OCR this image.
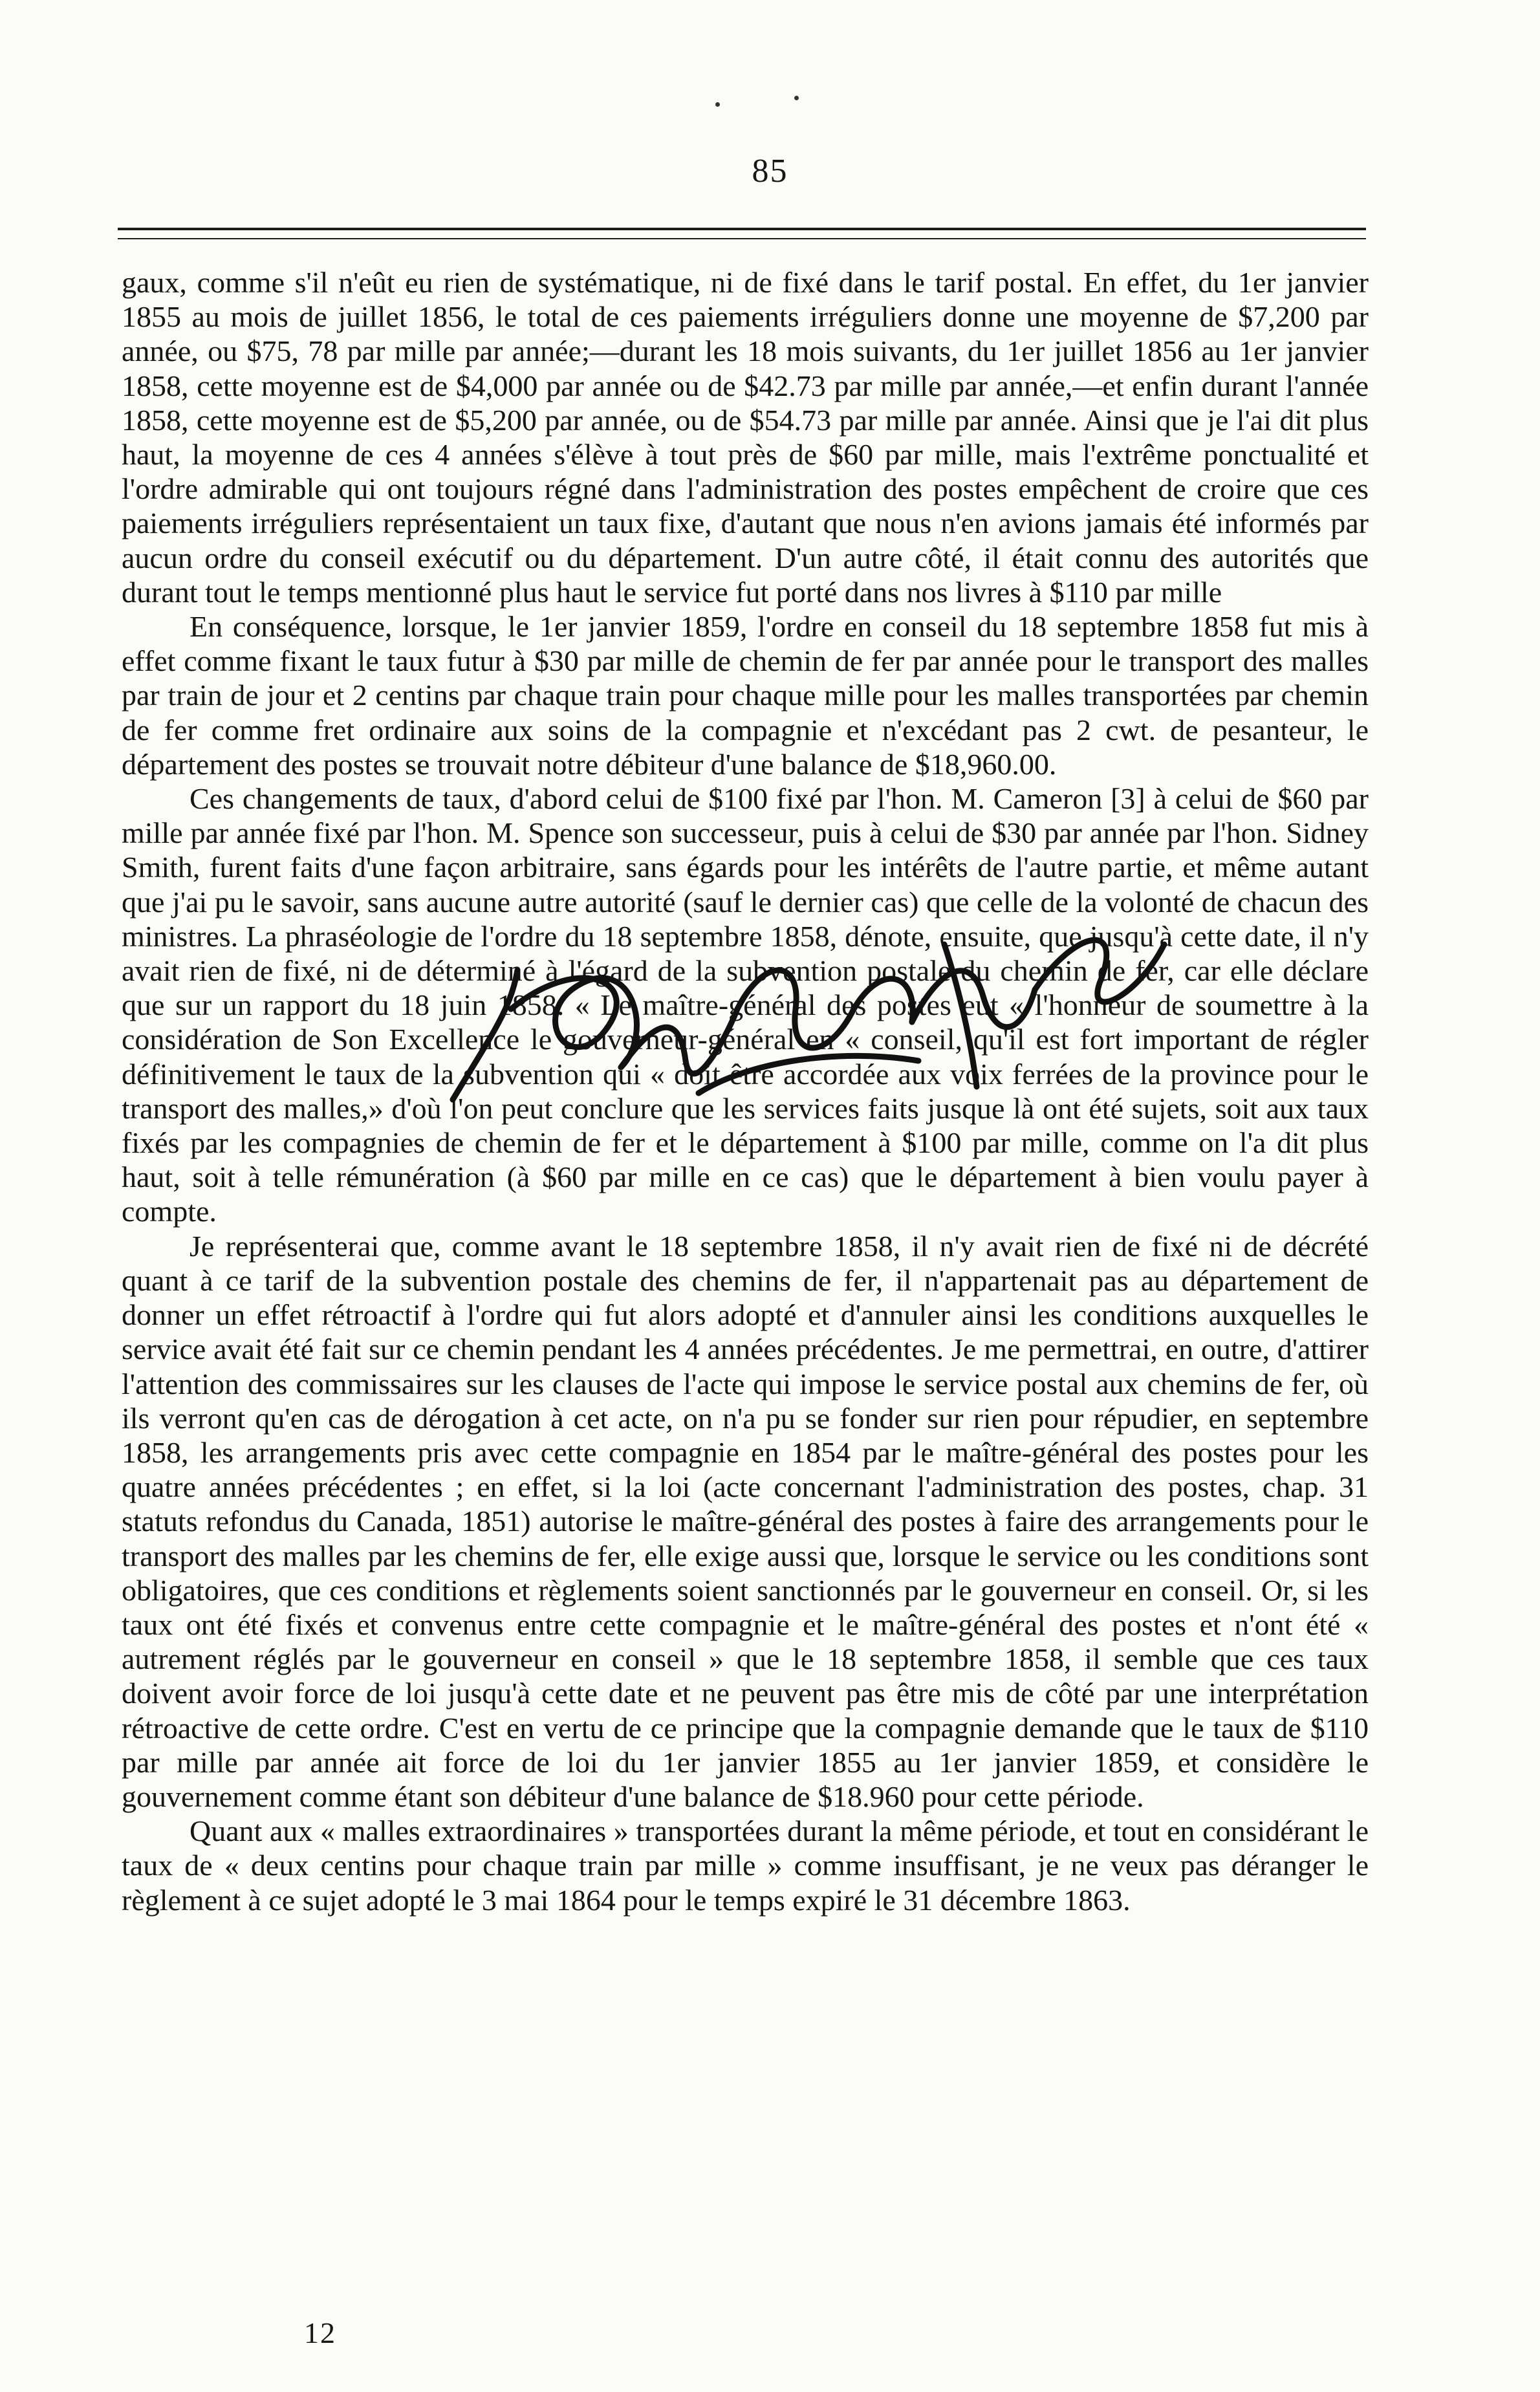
85

gaux, comme s'il n'eût eu rien de systématique, ni de fixé dans le tarif postal. En effet, du 1er janvier 1855 au mois de juillet 1856, le total de ces paiements irréguliers donne une moyenne de $7,200 par année, ou $75, 78 par mille par année;—durant les 18 mois suivants, du 1er juillet 1856 au 1er janvier 1858, cette moyenne est de $4,000 par année ou de $42.73 par mille par année,—et enfin durant l'année 1858, cette moyenne est de $5,200 par année, ou de $54.73 par mille par année. Ainsi que je l'ai dit plus haut, la moyenne de ces 4 années s'élève à tout près de $60 par mille, mais l'extrême ponctualité et l'ordre admirable qui ont toujours régné dans l'administration des postes empêchent de croire que ces paiements irréguliers représentaient un taux fixe, d'autant que nous n'en avions jamais été informés par aucun ordre du conseil exécutif ou du département. D'un autre côté, il était connu des autorités que durant tout le temps mentionné plus haut le service fut porté dans nos livres à $110 par mille

En conséquence, lorsque, le 1er janvier 1859, l'ordre en conseil du 18 septembre 1858 fut mis à effet comme fixant le taux futur à $30 par mille de chemin de fer par année pour le transport des malles par train de jour et 2 centins par chaque train pour chaque mille pour les malles transportées par chemin de fer comme fret ordinaire aux soins de la compagnie et n'excédant pas 2 cwt. de pesanteur, le département des postes se trouvait notre débiteur d'une balance de $18,960.00.

Ces changements de taux, d'abord celui de $100 fixé par l'hon. M. Cameron [3] à celui de $60 par mille par année fixé par l'hon. M. Spence son successeur, puis à celui de $30 par année par l'hon. Sidney Smith, furent faits d'une façon arbitraire, sans égards pour les intérêts de l'autre partie, et même autant que j'ai pu le savoir, sans aucune autre autorité (sauf le dernier cas) que celle de la volonté de chacun des ministres. La phraséologie de l'ordre du 18 septembre 1858, dénote, ensuite, que jusqu'à cette date, il n'y avait rien de fixé, ni de déterminé à l'égard de la subvention postale du chemin de fer, car elle déclare que sur un rapport du 18 juin 1858. « Le maître-général des postes eut « l'honneur de soumettre à la considération de Son Excellence le gouverneur-général en « conseil, qu'il est fort important de régler définitivement le taux de la subvention qui « doit être accordée aux voix ferrées de la province pour le transport des malles,» d'où l'on peut conclure que les services faits jusque là ont été sujets, soit aux taux fixés par les compagnies de chemin de fer et le département à $100 par mille, comme on l'a dit plus haut, soit à telle rémunération (à $60 par mille en ce cas) que le département à bien voulu payer à compte.

Je représenterai que, comme avant le 18 septembre 1858, il n'y avait rien de fixé ni de décrété quant à ce tarif de la subvention postale des chemins de fer, il n'appartenait pas au département de donner un effet rétroactif à l'ordre qui fut alors adopté et d'annuler ainsi les conditions auxquelles le service avait été fait sur ce chemin pendant les 4 années précédentes. Je me permettrai, en outre, d'attirer l'attention des commissaires sur les clauses de l'acte qui impose le service postal aux chemins de fer, où ils verront qu'en cas de dérogation à cet acte, on n'a pu se fonder sur rien pour répudier, en septembre 1858, les arrangements pris avec cette compagnie en 1854 par le maître-général des postes pour les quatre années précédentes ; en effet, si la loi (acte concernant l'administration des postes, chap. 31 statuts refondus du Canada, 1851) autorise le maître-général des postes à faire des arrangements pour le transport des malles par les chemins de fer, elle exige aussi que, lorsque le service ou les conditions sont obligatoires, que ces conditions et règlements soient sanctionnés par le gouverneur en conseil. Or, si les taux ont été fixés et convenus entre cette compagnie et le maître-général des postes et n'ont été « autrement réglés par le gouverneur en conseil » que le 18 septembre 1858, il semble que ces taux doivent avoir force de loi jusqu'à cette date et ne peuvent pas être mis de côté par une interprétation rétroactive de cette ordre. C'est en vertu de ce principe que la compagnie demande que le taux de $110 par mille par année ait force de loi du 1er janvier 1855 au 1er janvier 1859, et considère le gouvernement comme étant son débiteur d'une balance de $18.960 pour cette période.

Quant aux « malles extraordinaires » transportées durant la même période, et tout en considérant le taux de « deux centins pour chaque train par mille » comme insuffisant, je ne veux pas déranger le règlement à ce sujet adopté le 3 mai 1864 pour le temps expiré le 31 décembre 1863.

12
